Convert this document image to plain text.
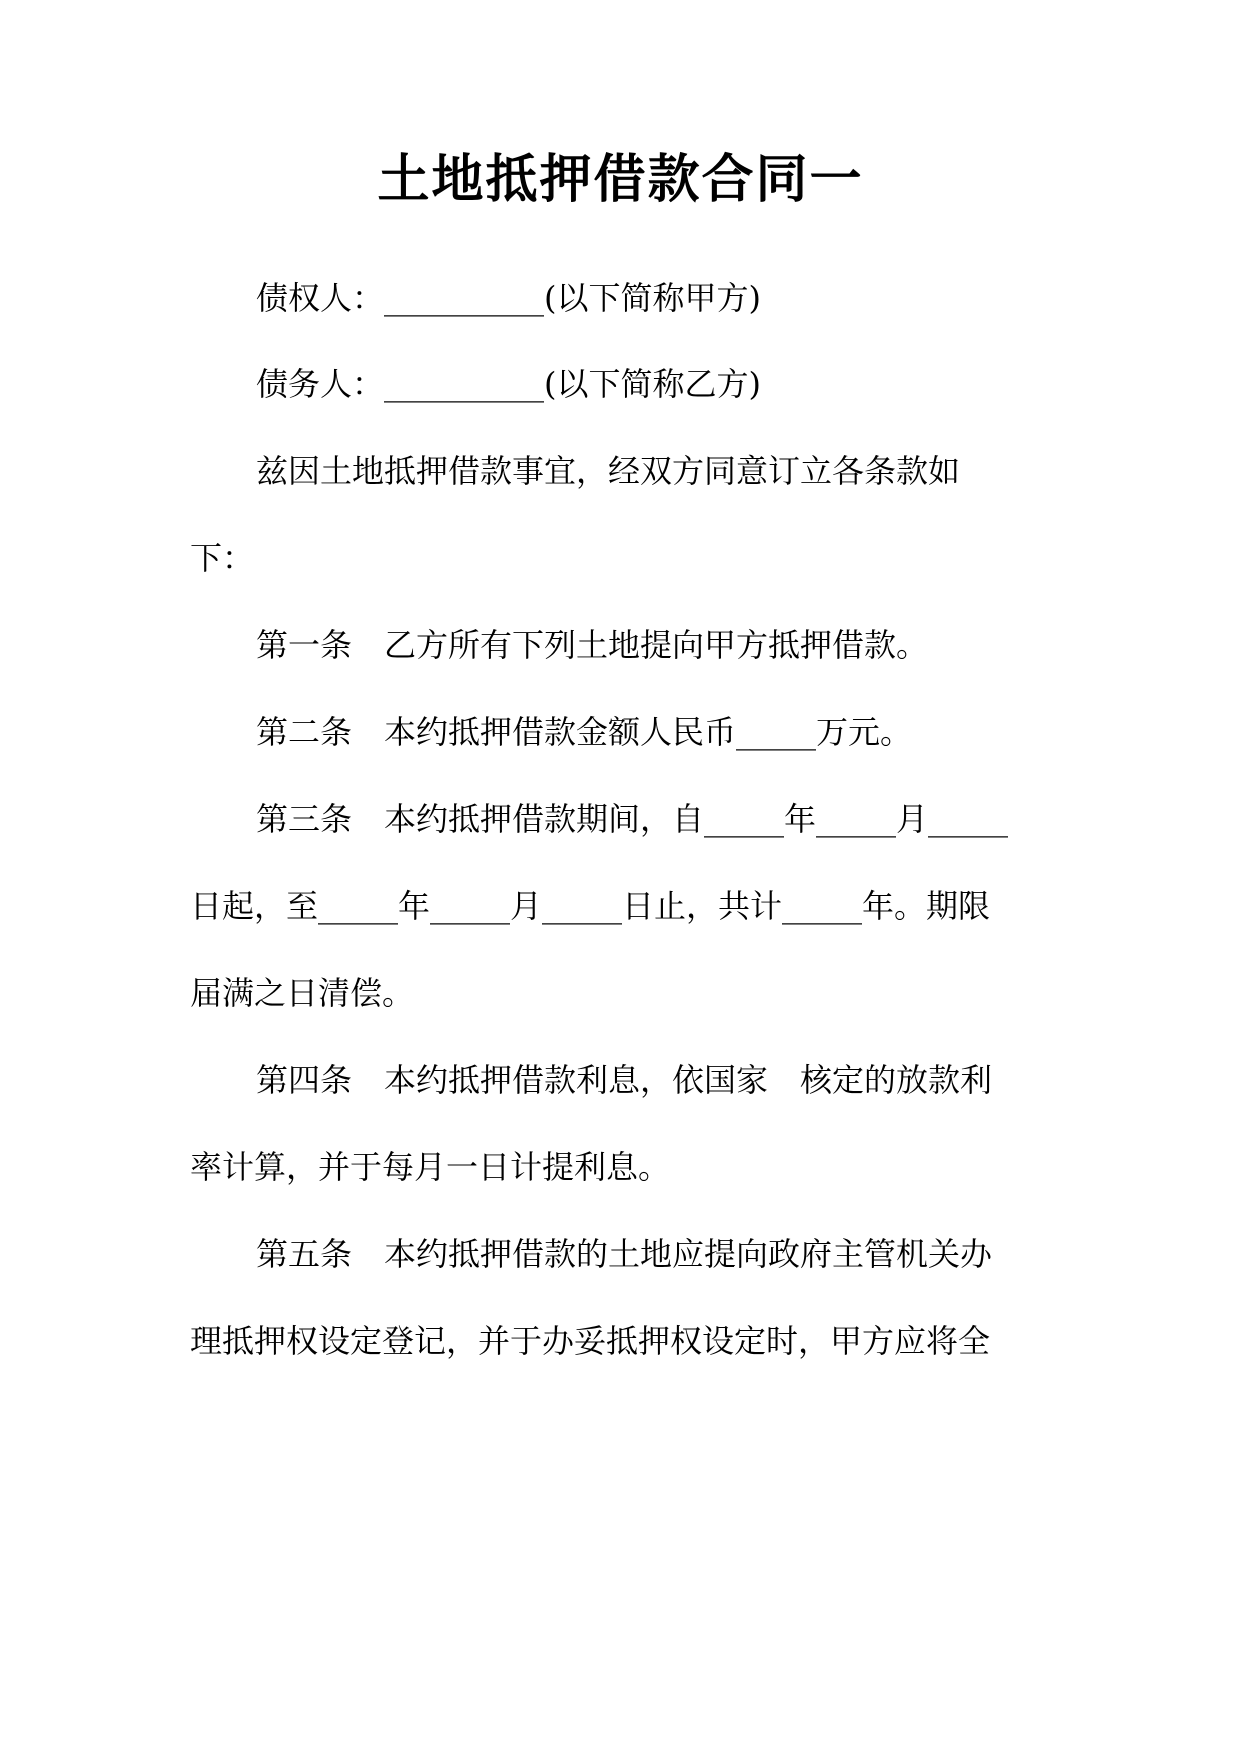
土地抵押借款合同一
债权人：__________(以下简称甲方)
债务人：__________(以下简称乙方)
兹因土地抵押借款事宜，经双方同意订立各条款如
下：
第一条　乙方所有下列土地提向甲方抵押借款。
第二条　本约抵押借款金额人民币_____万元。
第三条　本约抵押借款期间，自_____年_____月_____
日起，至_____年_____月_____日止，共计_____年。期限
届满之日清偿。
第四条　本约抵押借款利息，依国家　核定的放款利
率计算，并于每月一日计提利息。
第五条　本约抵押借款的土地应提向政府主管机关办
理抵押权设定登记，并于办妥抵押权设定时，甲方应将全
